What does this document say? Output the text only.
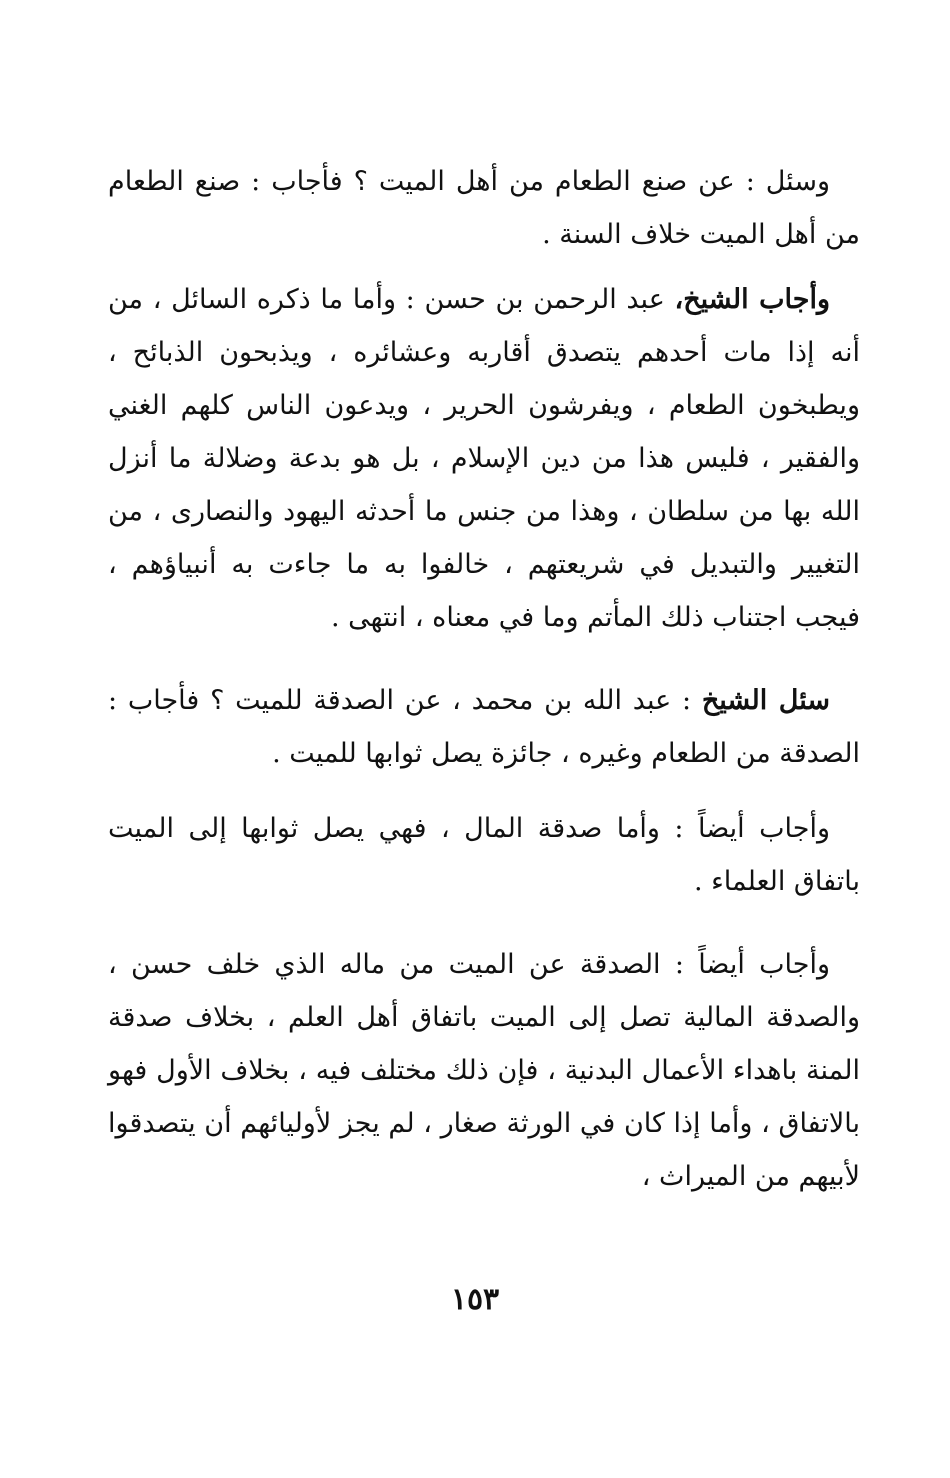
وسئل : عن صنع الطعام من أهل الميت ؟ فأجاب : صنع الطعام من أهل الميت خلاف السنة .

وأجاب الشيخ، عبد الرحمن بن حسن : وأما ما ذكره السائل ، من أنه إذا مات أحدهم يتصدق أقاربه وعشائره ، ويذبحون الذبائح ، ويطبخون الطعام ، ويفرشون الحرير ، ويدعون الناس كلهم الغني والفقير ، فليس هذا من دين الإسلام ، بل هو بدعة وضلالة ما أنزل الله بها من سلطان ، وهذا من جنس ما أحدثه اليهود والنصارى ، من التغيير والتبديل في شريعتهم ، خالفوا به ما جاءت به أنبياؤهم ، فيجب اجتناب ذلك المأتم وما في معناه ، انتهى .

سئل الشيخ : عبد الله بن محمد ، عن الصدقة للميت ؟ فأجاب : الصدقة من الطعام وغيره ، جائزة يصل ثوابها للميت .

وأجاب أيضاً : وأما صدقة المال ، فهي يصل ثوابها إلى الميت باتفاق العلماء .

وأجاب أيضاً : الصدقة عن الميت من ماله الذي خلف حسن ، والصدقة المالية تصل إلى الميت باتفاق أهل العلم ، بخلاف صدقة المنة باهداء الأعمال البدنية ، فإن ذلك مختلف فيه ، بخلاف الأول فهو بالاتفاق ، وأما إذا كان في الورثة صغار ، لم يجز لأوليائهم أن يتصدقوا لأبيهم من الميراث ،

١٥٣
